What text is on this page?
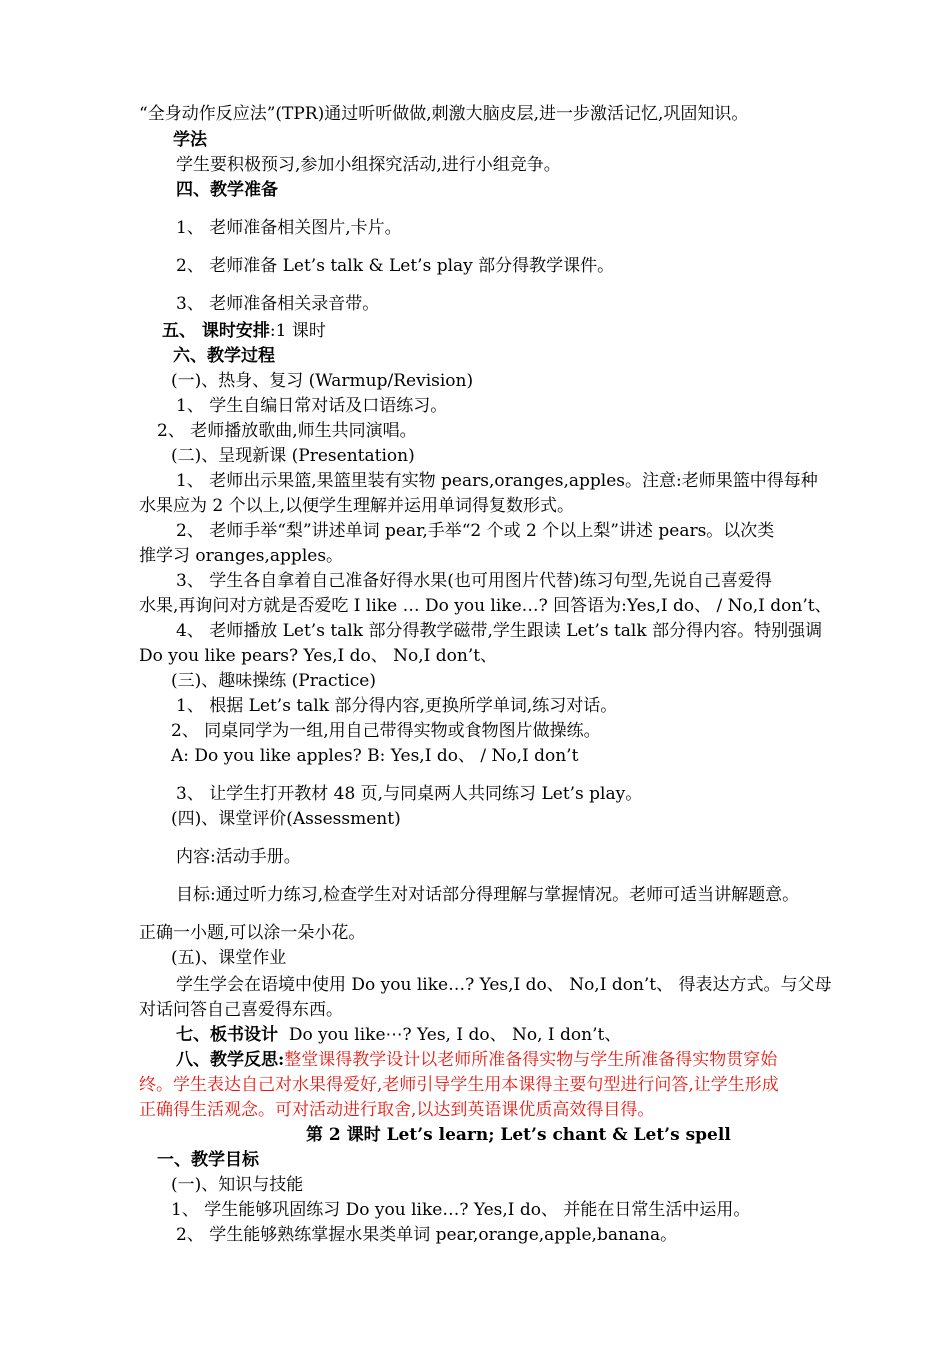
“全身动作反应法”(TPR)通过听听做做,刺激大脑皮层,进一步激活记忆,巩固知识。
学法
学生要积极预习,参加小组探究活动,进行小组竞争。
四、教学准备
1、 老师准备相关图片,卡片。
2、 老师准备 Let’s talk & Let’s play 部分得教学课件。
3、 老师准备相关录音带。
五、 课时安排:1 课时
六、教学过程
(一)、热身、复习 (Warmup/Revision)
1、 学生自编日常对话及口语练习。
2、 老师播放歌曲,师生共同演唱。
(二)、呈现新课 (Presentation)
1、 老师出示果篮,果篮里装有实物 pears,oranges,apples。注意:老师果篮中得每种
水果应为 2 个以上,以便学生理解并运用单词得复数形式。
2、 老师手举“梨”讲述单词 pear,手举“2 个或 2 个以上梨”讲述 pears。以次类
推学习 oranges,apples。
3、 学生各自拿着自己准备好得水果(也可用图片代替)练习句型,先说自己喜爱得
水果,再询问对方就是否爱吃 I like … Do you like…? 回答语为:Yes,I do、 / No,I don’t、
4、 老师播放 Let’s talk 部分得教学磁带,学生跟读 Let’s talk 部分得内容。特别强调
Do you like pears? Yes,I do、 No,I don’t、
(三)、趣味操练 (Practice)
1、 根据 Let’s talk 部分得内容,更换所学单词,练习对话。
2、 同桌同学为一组,用自己带得实物或食物图片做操练。
A: Do you like apples? B: Yes,I do、 / No,I don’t
3、 让学生打开教材 48 页,与同桌两人共同练习 Let’s play。
(四)、课堂评价(Assessment)
内容:活动手册。
目标:通过听力练习,检查学生对对话部分得理解与掌握情况。老师可适当讲解题意。
正确一小题,可以涂一朵小花。
(五)、课堂作业
学生学会在语境中使用 Do you like…? Yes,I do、 No,I don’t、 得表达方式。与父母
对话问答自己喜爱得东西。
七、板书设计 Do you like⋯? Yes, I do、 No, I don’t、
八、教学反思:整堂课得教学设计以老师所准备得实物与学生所准备得实物贯穿始
终。学生表达自己对水果得爱好,老师引导学生用本课得主要句型进行问答,让学生形成
正确得生活观念。可对活动进行取舍,以达到英语课优质高效得目得。
第 2 课时 Let’s learn; Let’s chant & Let’s spell
一、教学目标
(一)、知识与技能
1、 学生能够巩固练习 Do you like…? Yes,I do、 并能在日常生活中运用。
2、 学生能够熟练掌握水果类单词 pear,orange,apple,banana。
